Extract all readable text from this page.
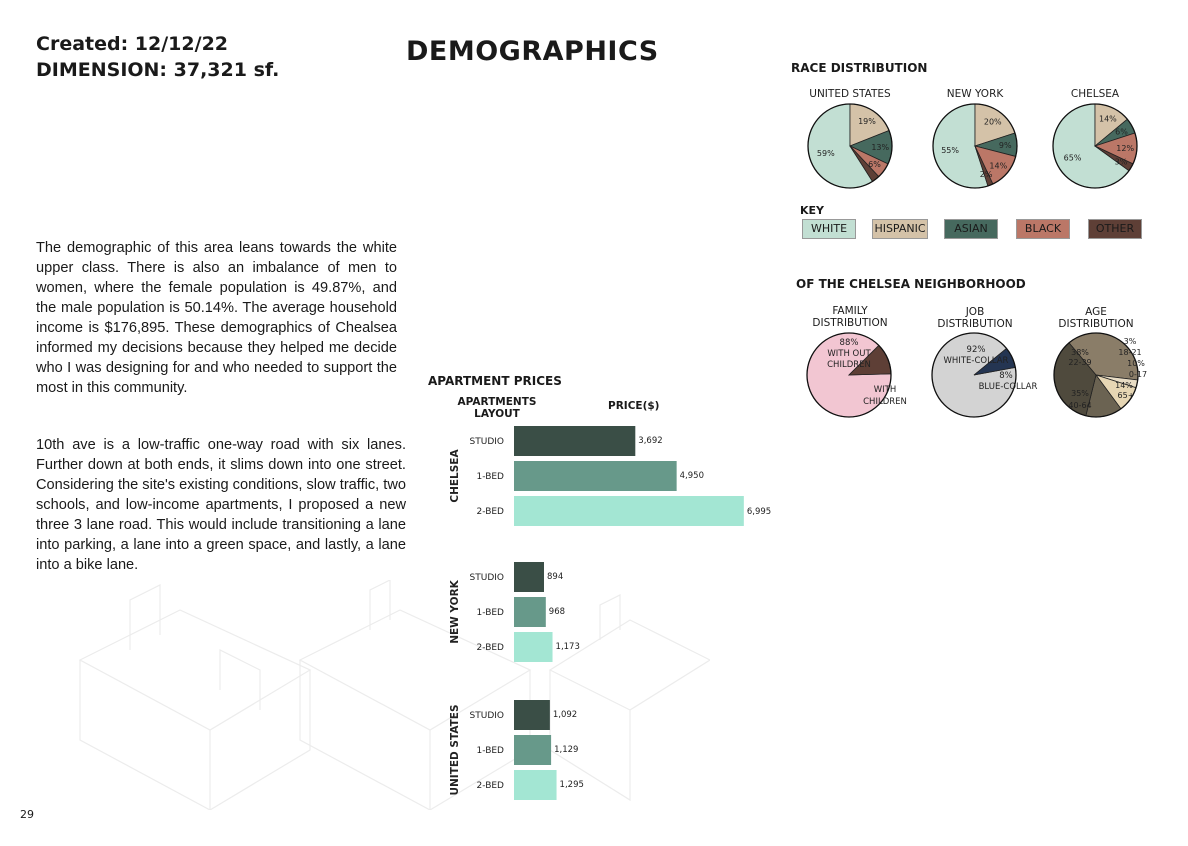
Created: 12/12/22
DIMENSION: 37,321 sf.
DEMOGRAPHICS
The demographic of this area leans towards the white upper class. There is also an imbalance of men to women, where the female population is 49.87%, and the male population is 50.14%. The average household income is $176,895. These demographics of Chealsea informed my decisions because they helped me decide who I was designing for and who needed to support the most in this community.
10th ave is a low-traffic one-way road with six lanes. Further down at both ends, it slims down into one street. Considering the site's existing conditions, slow traffic, two schools, and low-income apartments, I proposed a new three 3 lane road. This would include transitioning a lane into parking, a lane into a green space, and lastly, a lane into a bike lane.
29
RACE DISTRIBUTION
UNITED STATES
59%
19%
13%
6%
NEW YORK
55%
20%
9%
14%
2%
CHELSEA
65%
14%
6%
12%
3%
KEY
WHITE	HISPANIC	ASIAN	BLACK	OTHER
OF THE CHELSEA NEIGHBORHOOD
FAMILY
DISTRIBUTION
JOB
DISTRIBUTION
AGE
DISTRIBUTION
88%
WITH OUT
CHILDREN
WITH
CHILDREN
92%
WHITE-COLLAR
8%
BLUE-COLLAR
38%
22-39
3%
18-21
10%
0-17
14%
65+
35%
40-64
APARTMENT PRICES
APARTMENTS
LAYOUT
PRICE($)
CHELSEA
STUDIO	3,692
1-BED	4,950
2-BED	6,995
NEW YORK
STUDIO	894
1-BED	968
2-BED	1,173
UNITED STATES STUDIO	1,092
1-BED	1,129
2-BED	1,295
